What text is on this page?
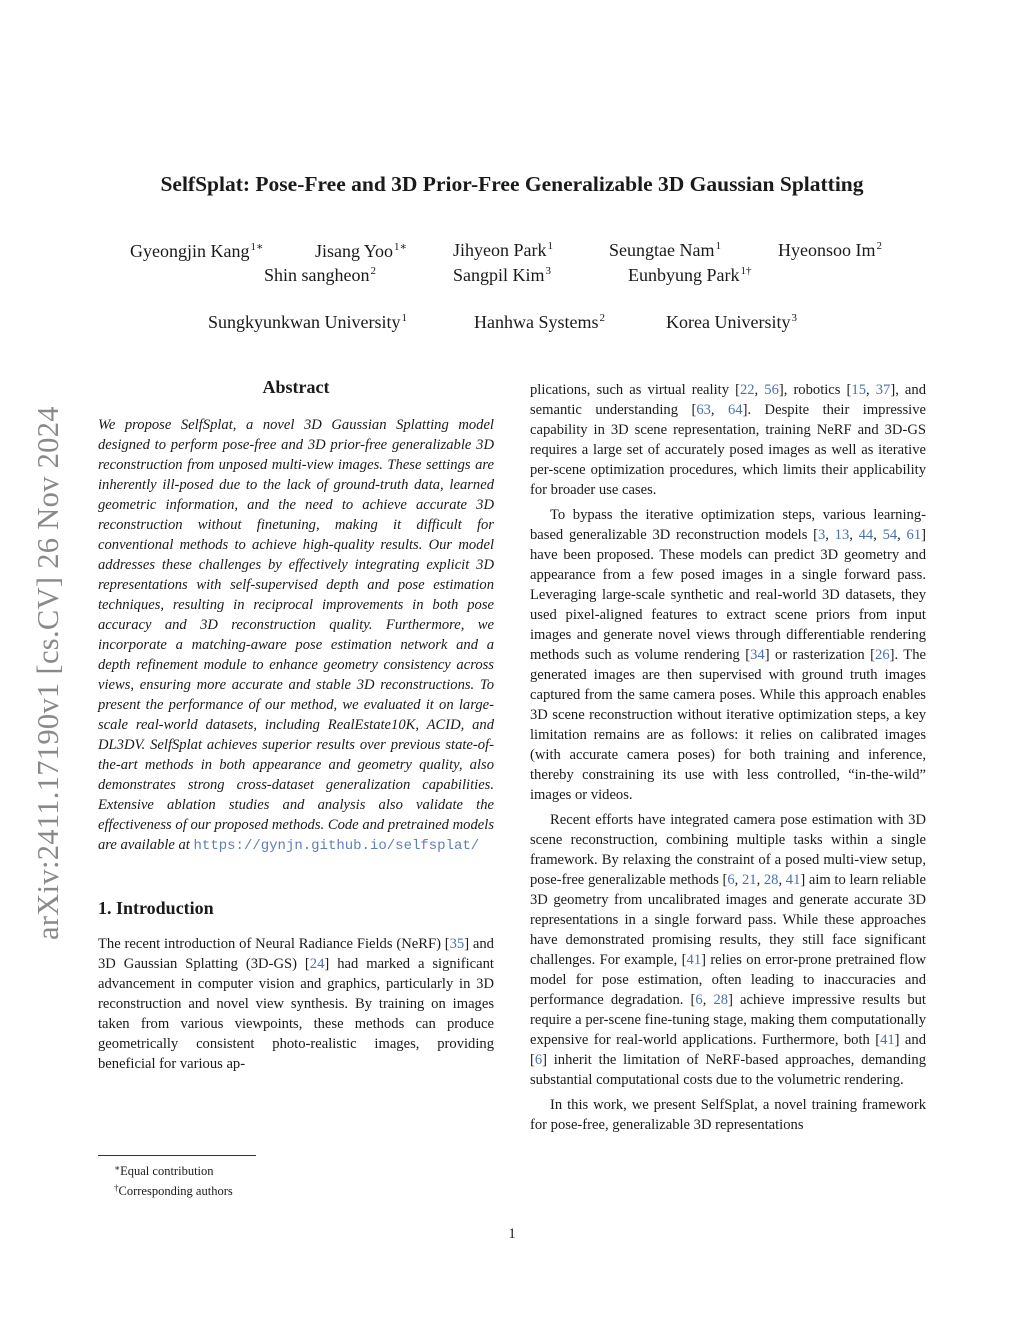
arXiv:2411.17190v1 [cs.CV] 26 Nov 2024
SelfSplat: Pose-Free and 3D Prior-Free Generalizable 3D Gaussian Splatting
Gyeongjin Kang$^{1∗}$	Jisang Yoo$^{1∗}$	Jihyeon Park$^1$	Seungtae Nam$^1$	Hyeonsoo Im$^2$
Shin sangheon$^2$	Sangpil Kim$^3$	Eunbyung Park$^{1\dagger}$
Sungkyunkwan University$^1$	Hanhwa Systems$^2$	Korea University$^3$
Abstract

We propose SelfSplat, a novel 3D Gaussian Splatting model designed to perform pose-free and 3D prior-free generalizable 3D reconstruction from unposed multi-view images. These settings are inherently ill-posed due to the lack of ground-truth data, learned geometric information, and the need to achieve accurate 3D reconstruction without finetuning, making it difficult for conventional methods to achieve high-quality results. Our model addresses these challenges by effectively integrating explicit 3D representations with self-supervised depth and pose estimation techniques, resulting in reciprocal improvements in both pose accuracy and 3D reconstruction quality. Furthermore, we incorporate a matching-aware pose estimation network and a depth refinement module to enhance geometry consistency across views, ensuring more accurate and stable 3D reconstructions. To present the performance of our method, we evaluated it on large-scale real-world datasets, including RealEstate10K, ACID, and DL3DV. SelfSplat achieves superior results over previous state-of-the-art methods in both appearance and geometry quality, also demonstrates strong cross-dataset generalization capabilities. Extensive ablation studies and analysis also validate the effectiveness of our proposed methods. Code and pretrained models are available at https://gynjn.github.io/selfsplat/

1. Introduction

The recent introduction of Neural Radiance Fields (NeRF) [35] and 3D Gaussian Splatting (3D-GS) [24] had marked a significant advancement in computer vision and graphics, particularly in 3D reconstruction and novel view synthesis. By training on images taken from various viewpoints, these methods can produce geometrically consistent photo-realistic images, providing beneficial for various ap-

plications, such as virtual reality [22, 56], robotics [15, 37], and semantic understanding [63, 64]. Despite their impressive capability in 3D scene representation, training NeRF and 3D-GS requires a large set of accurately posed images as well as iterative per-scene optimization procedures, which limits their applicability for broader use cases.

To bypass the iterative optimization steps, various learning-based generalizable 3D reconstruction models [3, 13, 44, 54, 61] have been proposed. These models can predict 3D geometry and appearance from a few posed images in a single forward pass. Leveraging large-scale synthetic and real-world 3D datasets, they used pixel-aligned features to extract scene priors from input images and generate novel views through differentiable rendering methods such as volume rendering [34] or rasterization [26]. The generated images are then supervised with ground truth images captured from the same camera poses. While this approach enables 3D scene reconstruction without iterative optimization steps, a key limitation remains are as follows: it relies on calibrated images (with accurate camera poses) for both training and inference, thereby constraining its use with less controlled, “in-the-wild” images or videos.

Recent efforts have integrated camera pose estimation with 3D scene reconstruction, combining multiple tasks within a single framework. By relaxing the constraint of a posed multi-view setup, pose-free generalizable methods [6, 21, 28, 41] aim to learn reliable 3D geometry from uncalibrated images and generate accurate 3D representations in a single forward pass. While these approaches have demonstrated promising results, they still face significant challenges. For example, [41] relies on error-prone pretrained flow model for pose estimation, often leading to inaccuracies and performance degradation. [6, 28] achieve impressive results but require a per-scene fine-tuning stage, making them computationally expensive for real-world applications. Furthermore, both [41] and [6] inherit the limitation of NeRF-based approaches, demanding substantial computational costs due to the volumetric rendering.

In this work, we present SelfSplat, a novel training framework for pose-free, generalizable 3D representations

∗Equal contribution
†Corresponding authors
1
